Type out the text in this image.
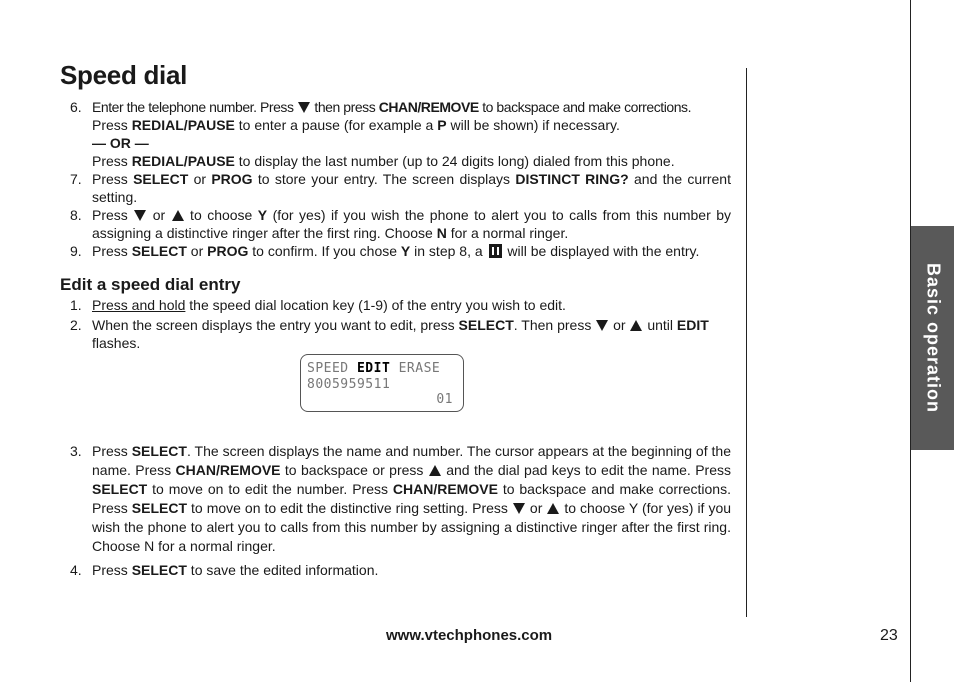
Speed dial
6. Enter the telephone number. Press  then press CHAN/REMOVE to backspace and make corrections.
Press REDIAL/PAUSE to enter a pause (for example a P will be shown) if necessary.
— OR —
Press REDIAL/PAUSE to display the last number (up to 24 digits long) dialed from this phone.
7. Press SELECT or PROG to store your entry. The screen displays DISTINCT RING? and the current setting.
8. Press  or  to choose Y (for yes) if you wish the phone to alert you to calls from this number by assigning a distinctive ringer after the first ring. Choose N for a normal ringer.
9. Press SELECT or PROG to confirm. If you chose Y in step 8, a  will be displayed with the entry.
Edit a speed dial entry
1. Press and hold the speed dial location key (1-9) of the entry you wish to edit.
2. When the screen displays the entry you want to edit, press SELECT. Then press  or  until EDIT flashes.
SPEED EDIT ERASE
8005959511
01
3. Press SELECT. The screen displays the name and number. The cursor appears at the beginning of the name. Press CHAN/REMOVE to backspace or press  and the dial pad keys to edit the name. Press SELECT to move on to edit the number. Press CHAN/REMOVE to backspace and make corrections. Press SELECT to move on to edit the distinctive ring setting. Press  or  to choose Y (for yes) if you wish the phone to alert you to calls from this number by assigning a distinctive ringer after the first ring. Choose N for a normal ringer.
4. Press SELECT to save the edited information.
Basic operation
www.vtechphones.com	23
